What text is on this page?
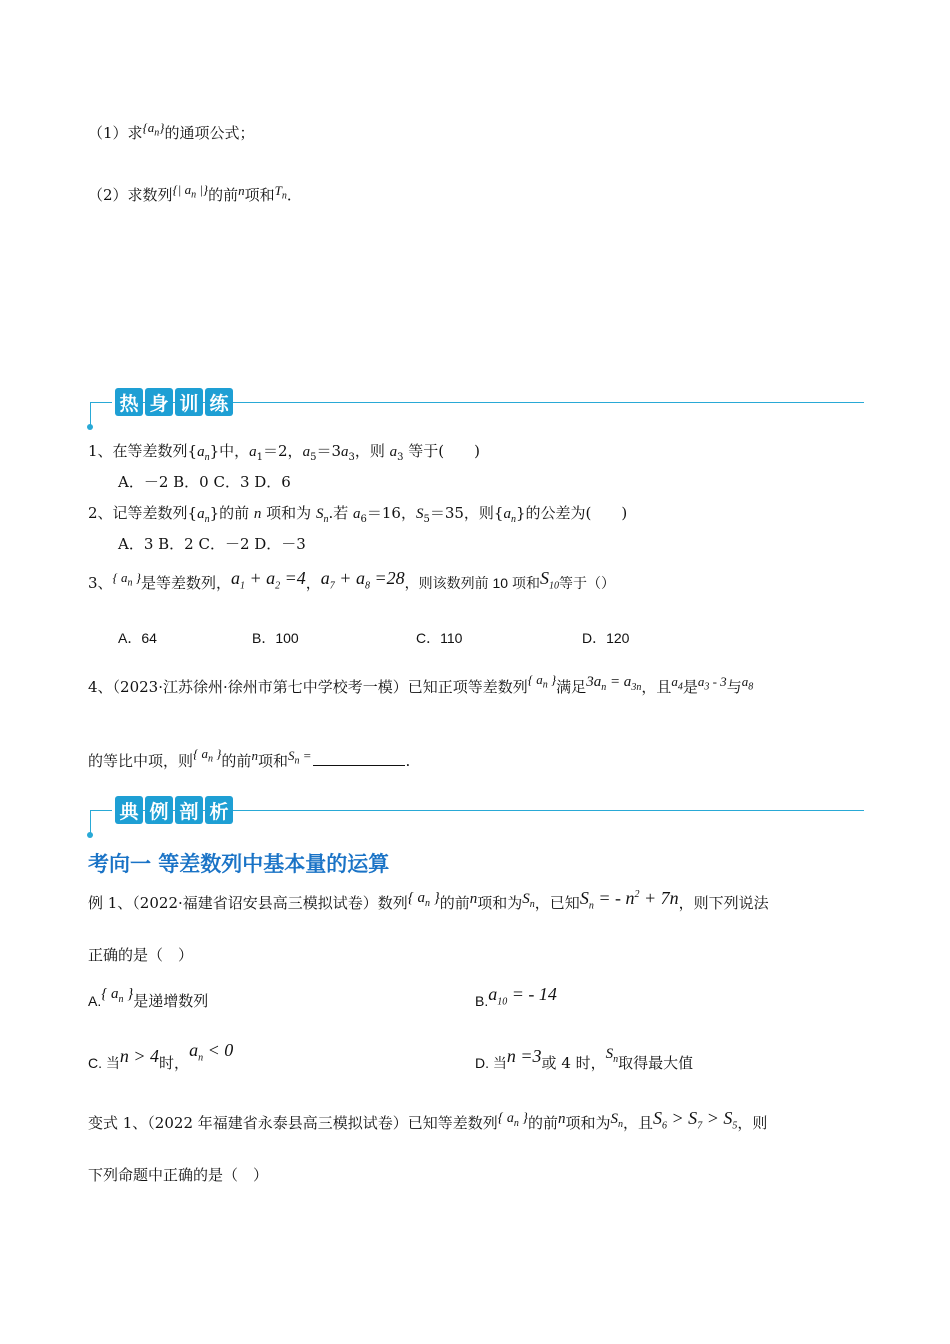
（1）求$\{a_n\}$的通项公式；
（2）求数列{| $a_n$ |}的前n项和$T_n$．
热 身 训 练
1、在等差数列$\{a_n\}$中，$a_1=2$，$a_5=3a_3$，则 $a_3$ 等于(　　)
A．－2 B．0 C．3 D．6
2、记等差数列$\{a_n\}$的前 n 项和为 $S_n$.若 $a_6=16$，$S_5=35$，则$\{a_n\}$的公差为(　　)
A．3 B．2 C．－2 D．－3
3、{ $a_n$ }是等差数列，$a_1 + a_2 =4$，$a_7 + a_8 =28$，则该数列前 10 项和$S_{10}$等于（）
A．64	B．100	C．110	D．120
4、（2023·江苏徐州·徐州市第七中学校考一模）已知正项等差数列{ $a_n$ }满足$3a_n = a_{3n}$，且$a_4$是$a_3 - 3$与$a_8$
的等比中项，则{ $a_n$ }的前n项和$S_n$ =	.
典 例 剖 析
考向一 等差数列中基本量的运算
例 1、（2022·福建省诏安县高三模拟试卷）数列{ $a_n$ }的前n项和为$S_n$，已知$S_n$ = - $n^2 + 7n$，则下列说法
正确的是（　）
A.{ $a_n$ }是递增数列	$B.a_{10}$ = - 14
C. 当n > 4时，$a_n < 0$
D. 当n =3或 4 时，$S_n$取得最大值
变式 1、（2022 年福建省永泰县高三模拟试卷）已知等差数列{ $a_n$ }的前n项和为$S_n$，且$S_6 > S_7 > S_5$，则
下列命题中正确的是（　）
